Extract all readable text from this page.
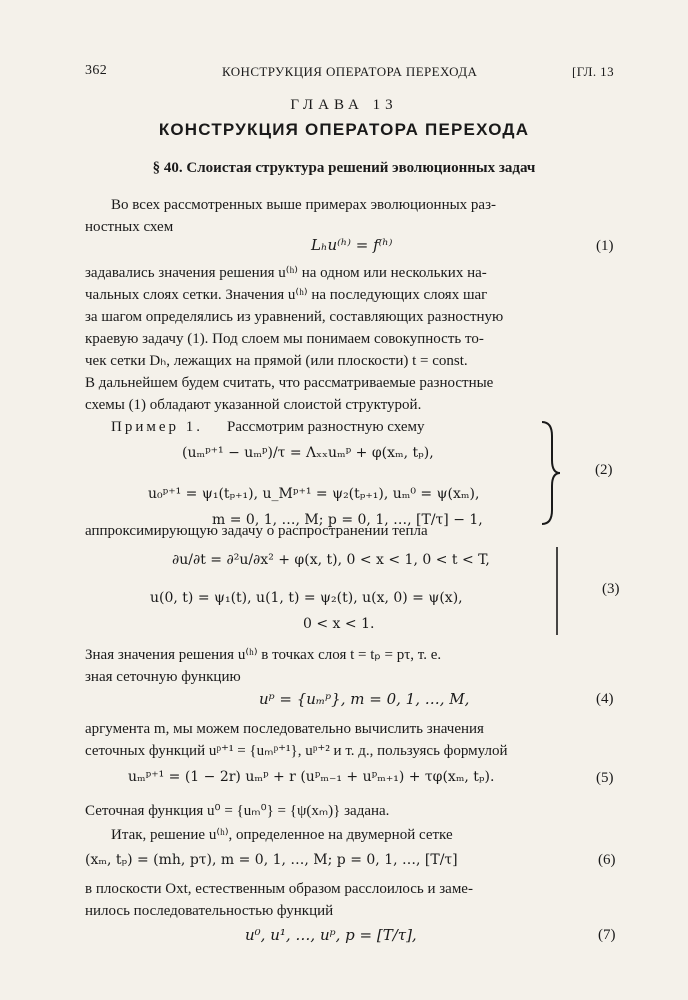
362	КОНСТРУКЦИЯ ОПЕРАТОРА ПЕРЕХОДА	[ГЛ. 13
ГЛАВА 13
КОНСТРУКЦИЯ ОПЕРАТОРА ПЕРЕХОДА
§ 40. Слоистая структура решений эволюционных задач
Во всех рассмотренных выше примерах эволюционных раз-
ностных схем
Lₕu⁽ʰ⁾ = f⁽ʰ⁾	(1)
задавались значения решения u⁽ʰ⁾ на одном или нескольких на-
чальных слоях сетки. Значения u⁽ʰ⁾ на последующих слоях шаг
за шагом определялись из уравнений, составляющих разностную
краевую задачу (1). Под слоем мы понимаем совокупность то-
чек сетки Dₕ, лежащих на прямой (или плоскости) t = const.
В дальнейшем будем считать, что рассматриваемые разностные
схемы (1) обладают указанной слоистой структурой.
Пример 1. Рассмотрим разностную схему
(uₘᵖ⁺¹ − uₘᵖ)/τ = Λₓₓuₘᵖ + φ(xₘ, tₚ),
u₀ᵖ⁺¹ = ψ₁(tₚ₊₁), u_Mᵖ⁺¹ = ψ₂(tₚ₊₁), uₘ⁰ = ψ(xₘ),
m = 0, 1, …, M; p = 0, 1, …, [T/τ] − 1,
(2)
аппроксимирующую задачу о распространении тепла
∂u/∂t = ∂²u/∂x² + φ(x, t), 0 < x < 1, 0 < t < T,
u(0, t) = ψ₁(t), u(1, t) = ψ₂(t), u(x, 0) = ψ(x),
0 < x < 1.
(3)
Зная значения решения u⁽ʰ⁾ в точках слоя t = tₚ = pτ, т. е.
зная сеточную функцию
uᵖ = {uₘᵖ}, m = 0, 1, …, M,	(4)
аргумента m, мы можем последовательно вычислить значения
сеточных функций uᵖ⁺¹ = {uₘᵖ⁺¹}, uᵖ⁺² и т. д., пользуясь формулой
uₘᵖ⁺¹ = (1 − 2r) uₘᵖ + r (uᵖₘ₋₁ + uᵖₘ₊₁) + τφ(xₘ, tₚ).	(5)
Сеточная функция u⁰ = {uₘ⁰} = {ψ(xₘ)} задана.
Итак, решение u⁽ʰ⁾, определенное на двумерной сетке
(xₘ, tₚ) = (mh, pτ), m = 0, 1, …, M; p = 0, 1, …, [T/τ]	(6)
в плоскости Oxt, естественным образом расслоилось и заме-
нилось последовательностью функций
u⁰, u¹, …, uᵖ, p = [T/τ],	(7)
